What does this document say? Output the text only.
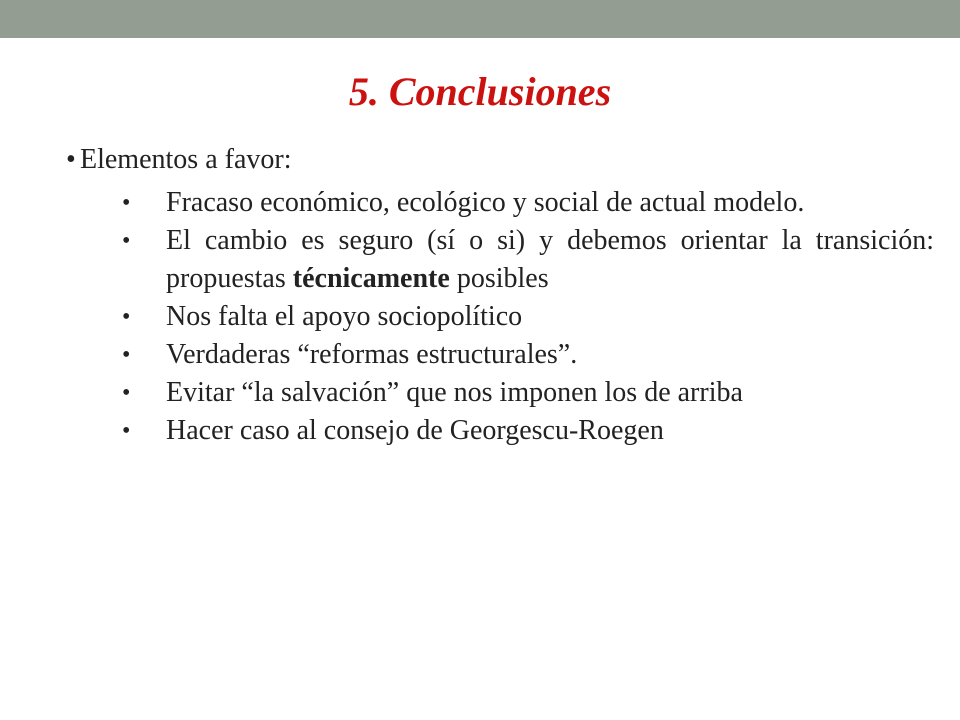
5. Conclusiones
• Elementos a favor:
• Fracaso económico, ecológico y social de actual modelo.
• El cambio es seguro (sí o si) y debemos orientar la transición: propuestas técnicamente posibles
• Nos falta el apoyo sociopolítico
• Verdaderas “reformas estructurales”.
• Evitar “la salvación” que nos imponen los de arriba
• Hacer caso al consejo de Georgescu-Roegen
